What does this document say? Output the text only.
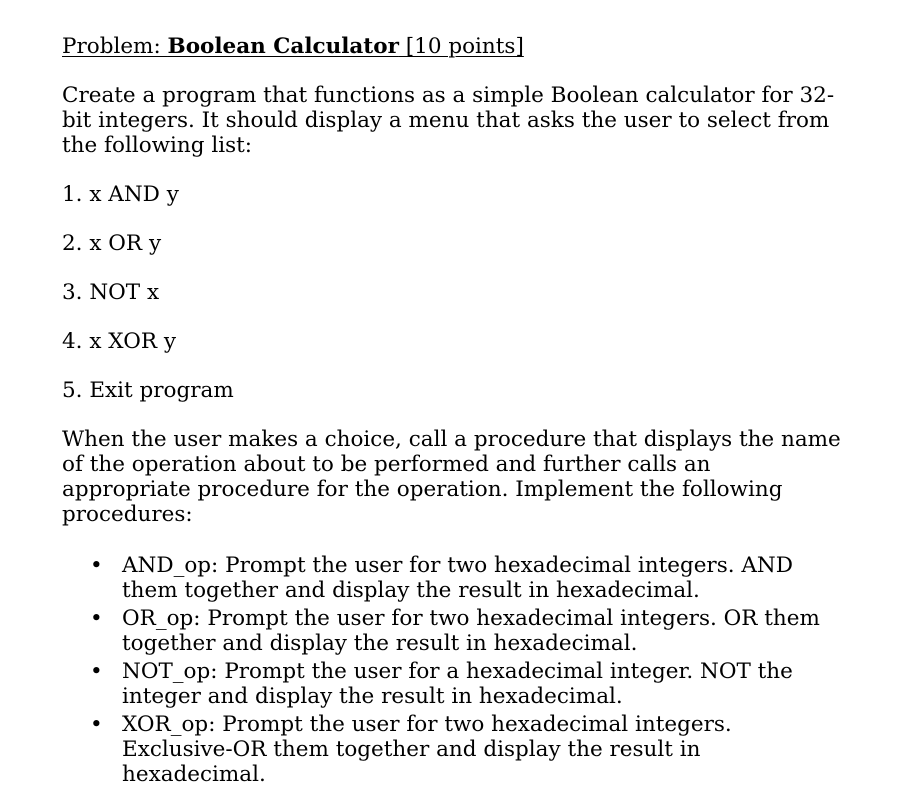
Problem: Boolean Calculator [10 points]

Create a program that functions as a simple Boolean calculator for 32-bit integers. It should display a menu that asks the user to select from the following list:

1. x AND y

2. x OR y

3. NOT x

4. x XOR y

5. Exit program

When the user makes a choice, call a procedure that displays the name of the operation about to be performed and further calls an appropriate procedure for the operation. Implement the following procedures:

• AND_op: Prompt the user for two hexadecimal integers. AND them together and display the result in hexadecimal.
• OR_op: Prompt the user for two hexadecimal integers. OR them together and display the result in hexadecimal.
• NOT_op: Prompt the user for a hexadecimal integer. NOT the integer and display the result in hexadecimal.
• XOR_op: Prompt the user for two hexadecimal integers. Exclusive-OR them together and display the result in hexadecimal.
